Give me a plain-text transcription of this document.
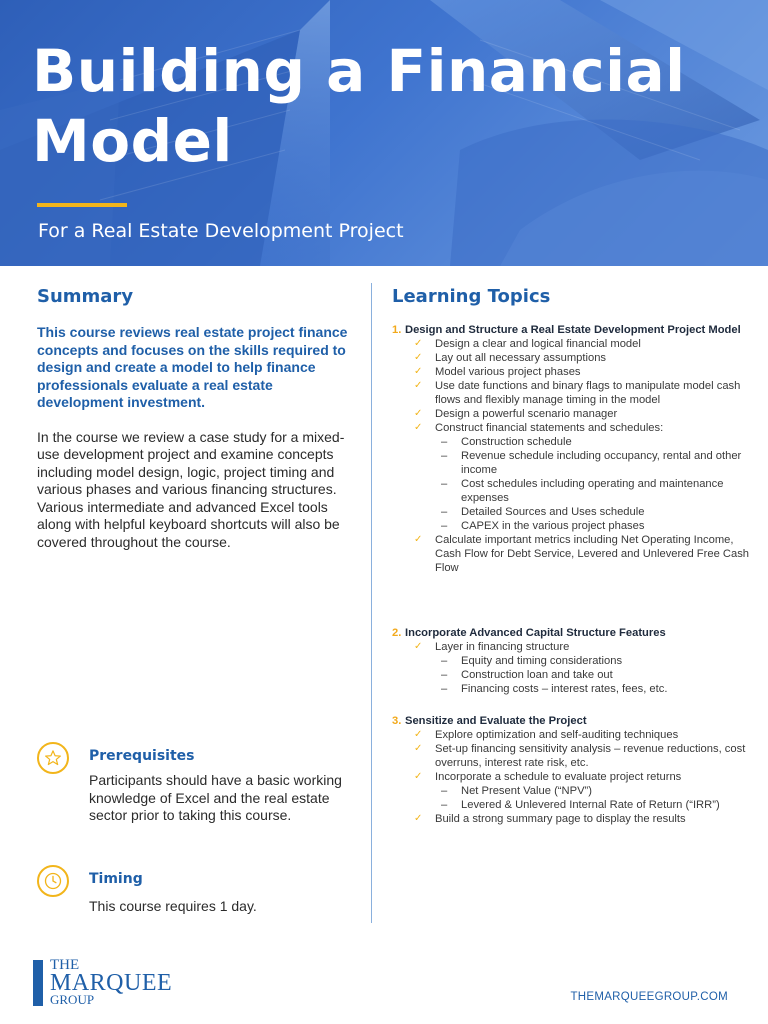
Building a Financial
Model
For a Real Estate Development Project
Summary
This course reviews real estate project finance concepts and focuses on the skills required to design and create a model to help finance professionals evaluate a real estate development investment.
In the course we review a case study for a mixed-use development project and examine concepts including model design, logic, project timing and various phases and various financing structures. Various intermediate and advanced Excel tools along with helpful keyboard shortcuts will also be covered throughout the course.
Prerequisites
Participants should have a basic working knowledge of Excel and the real estate sector prior to taking this course.
Timing
This course requires 1 day.
Learning Topics
1. Design and Structure a Real Estate Development Project Model
✓ Design a clear and logical financial model
✓ Lay out all necessary assumptions
✓ Model various project phases
✓ Use date functions and binary flags to manipulate model cash flows and flexibly manage timing in the model
✓ Design a powerful scenario manager
✓ Construct financial statements and schedules:
– Construction schedule
– Revenue schedule including occupancy, rental and other income
– Cost schedules including operating and maintenance expenses
– Detailed Sources and Uses schedule
– CAPEX in the various project phases
✓ Calculate important metrics including Net Operating Income, Cash Flow for Debt Service, Levered and Unlevered Free Cash Flow
2. Incorporate Advanced Capital Structure Features
✓ Layer in financing structure
– Equity and timing considerations
– Construction loan and take out
– Financing costs – interest rates, fees, etc.
3. Sensitize and Evaluate the Project
✓ Explore optimization and self-auditing techniques
✓ Set-up financing sensitivity analysis – revenue reductions, cost overruns, interest rate risk, etc.
✓ Incorporate a schedule to evaluate project returns
– Net Present Value (“NPV”)
– Levered & Unlevered Internal Rate of Return (“IRR”)
✓ Build a strong summary page to display the results
THE
MARQUEE
GROUP	THEMARQUEEGROUP.COM
